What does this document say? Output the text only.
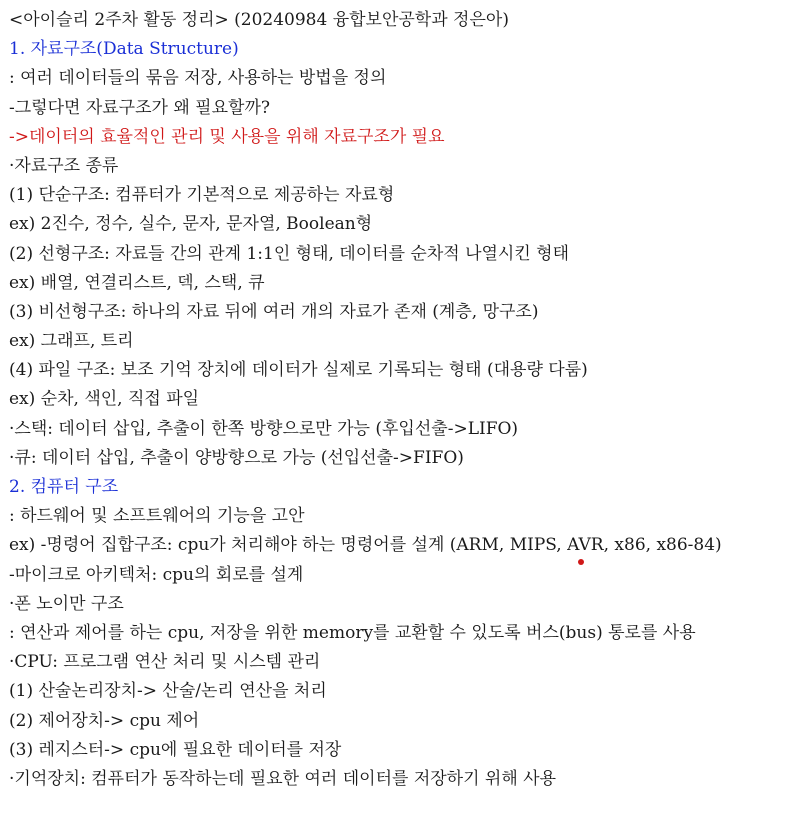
<아이슬리 2주차 활동 정리> (20240984 융합보안공학과 정은아)
1. 자료구조(Data Structure)
: 여러 데이터들의 묶음 저장, 사용하는 방법을 정의
-그렇다면 자료구조가 왜 필요할까?
->데이터의 효율적인 관리 및 사용을 위해 자료구조가 필요
·자료구조 종류
(1) 단순구조: 컴퓨터가 기본적으로 제공하는 자료형
ex) 2진수, 정수, 실수, 문자, 문자열, Boolean형
(2) 선형구조: 자료들 간의 관계 1:1인 형태, 데이터를 순차적 나열시킨 형태
ex) 배열, 연결리스트, 덱, 스택, 큐
(3) 비선형구조: 하나의 자료 뒤에 여러 개의 자료가 존재 (계층, 망구조)
ex) 그래프, 트리
(4) 파일 구조: 보조 기억 장치에 데이터가 실제로 기록되는 형태 (대용량 다룸)
ex) 순차, 색인, 직접 파일
·스택: 데이터 삽입, 추출이 한쪽 방향으로만 가능 (후입선출->LIFO)
·큐: 데이터 삽입, 추출이 양방향으로 가능 (선입선출->FIFO)
2. 컴퓨터 구조
: 하드웨어 및 소프트웨어의 기능을 고안
ex) -명령어 집합구조: cpu가 처리해야 하는 명령어를 설계 (ARM, MIPS, AVR, x86, x86-84)
-마이크로 아키텍처: cpu의 회로를 설계
·폰 노이만 구조
: 연산과 제어를 하는 cpu, 저장을 위한 memory를 교환할 수 있도록 버스(bus) 통로를 사용
·CPU: 프로그램 연산 처리 및 시스템 관리
(1) 산술논리장치-> 산술/논리 연산을 처리
(2) 제어장치-> cpu 제어
(3) 레지스터-> cpu에 필요한 데이터를 저장
·기억장치: 컴퓨터가 동작하는데 필요한 여러 데이터를 저장하기 위해 사용
